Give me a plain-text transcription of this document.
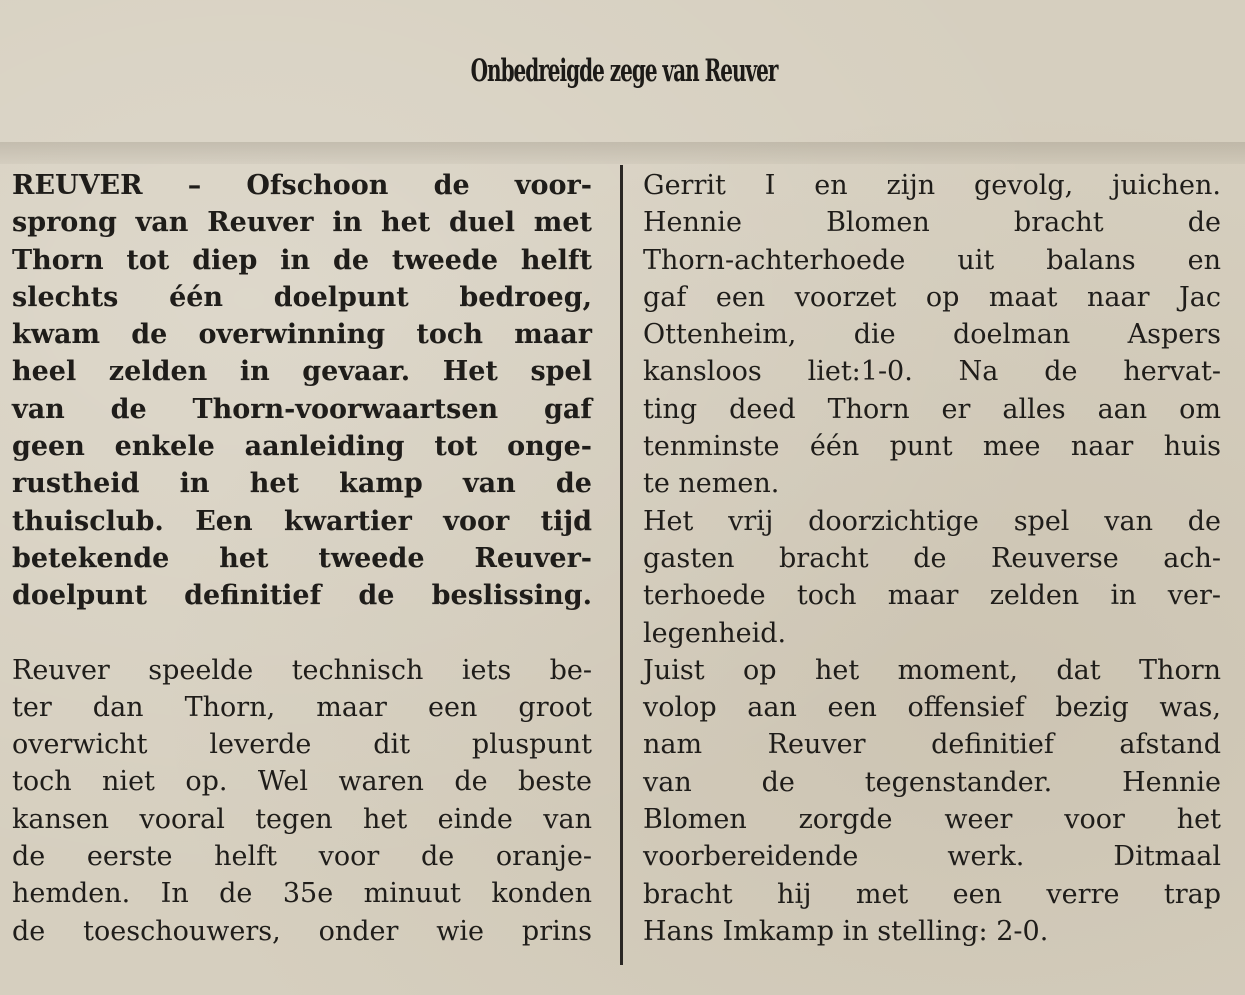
Onbedreigde zege van Reuver
REUVER – Ofschoon de voor-
sprong van Reuver in het duel met
Thorn tot diep in de tweede helft
slechts één doelpunt bedroeg,
kwam de overwinning toch maar
heel zelden in gevaar. Het spel
van de Thorn-voorwaartsen gaf
geen enkele aanleiding tot onge-
rustheid in het kamp van de
thuisclub. Een kwartier voor tijd
betekende het tweede Reuver-
doelpunt definitief de beslissing.
Reuver speelde technisch iets be-
ter dan Thorn, maar een groot
overwicht leverde dit pluspunt
toch niet op. Wel waren de beste
kansen vooral tegen het einde van
de eerste helft voor de oranje-
hemden. In de 35e minuut konden
de toeschouwers, onder wie prins
Gerrit I en zijn gevolg, juichen.
Hennie Blomen bracht de
Thorn-achterhoede uit balans en
gaf een voorzet op maat naar Jac
Ottenheim, die doelman Aspers
kansloos liet:1-0. Na de hervat-
ting deed Thorn er alles aan om
tenminste één punt mee naar huis
te nemen.
Het vrij doorzichtige spel van de
gasten bracht de Reuverse ach-
terhoede toch maar zelden in ver-
legenheid.
Juist op het moment, dat Thorn
volop aan een offensief bezig was,
nam Reuver definitief afstand
van de tegenstander. Hennie
Blomen zorgde weer voor het
voorbereidende werk. Ditmaal
bracht hij met een verre trap
Hans Imkamp in stelling: 2-0.
